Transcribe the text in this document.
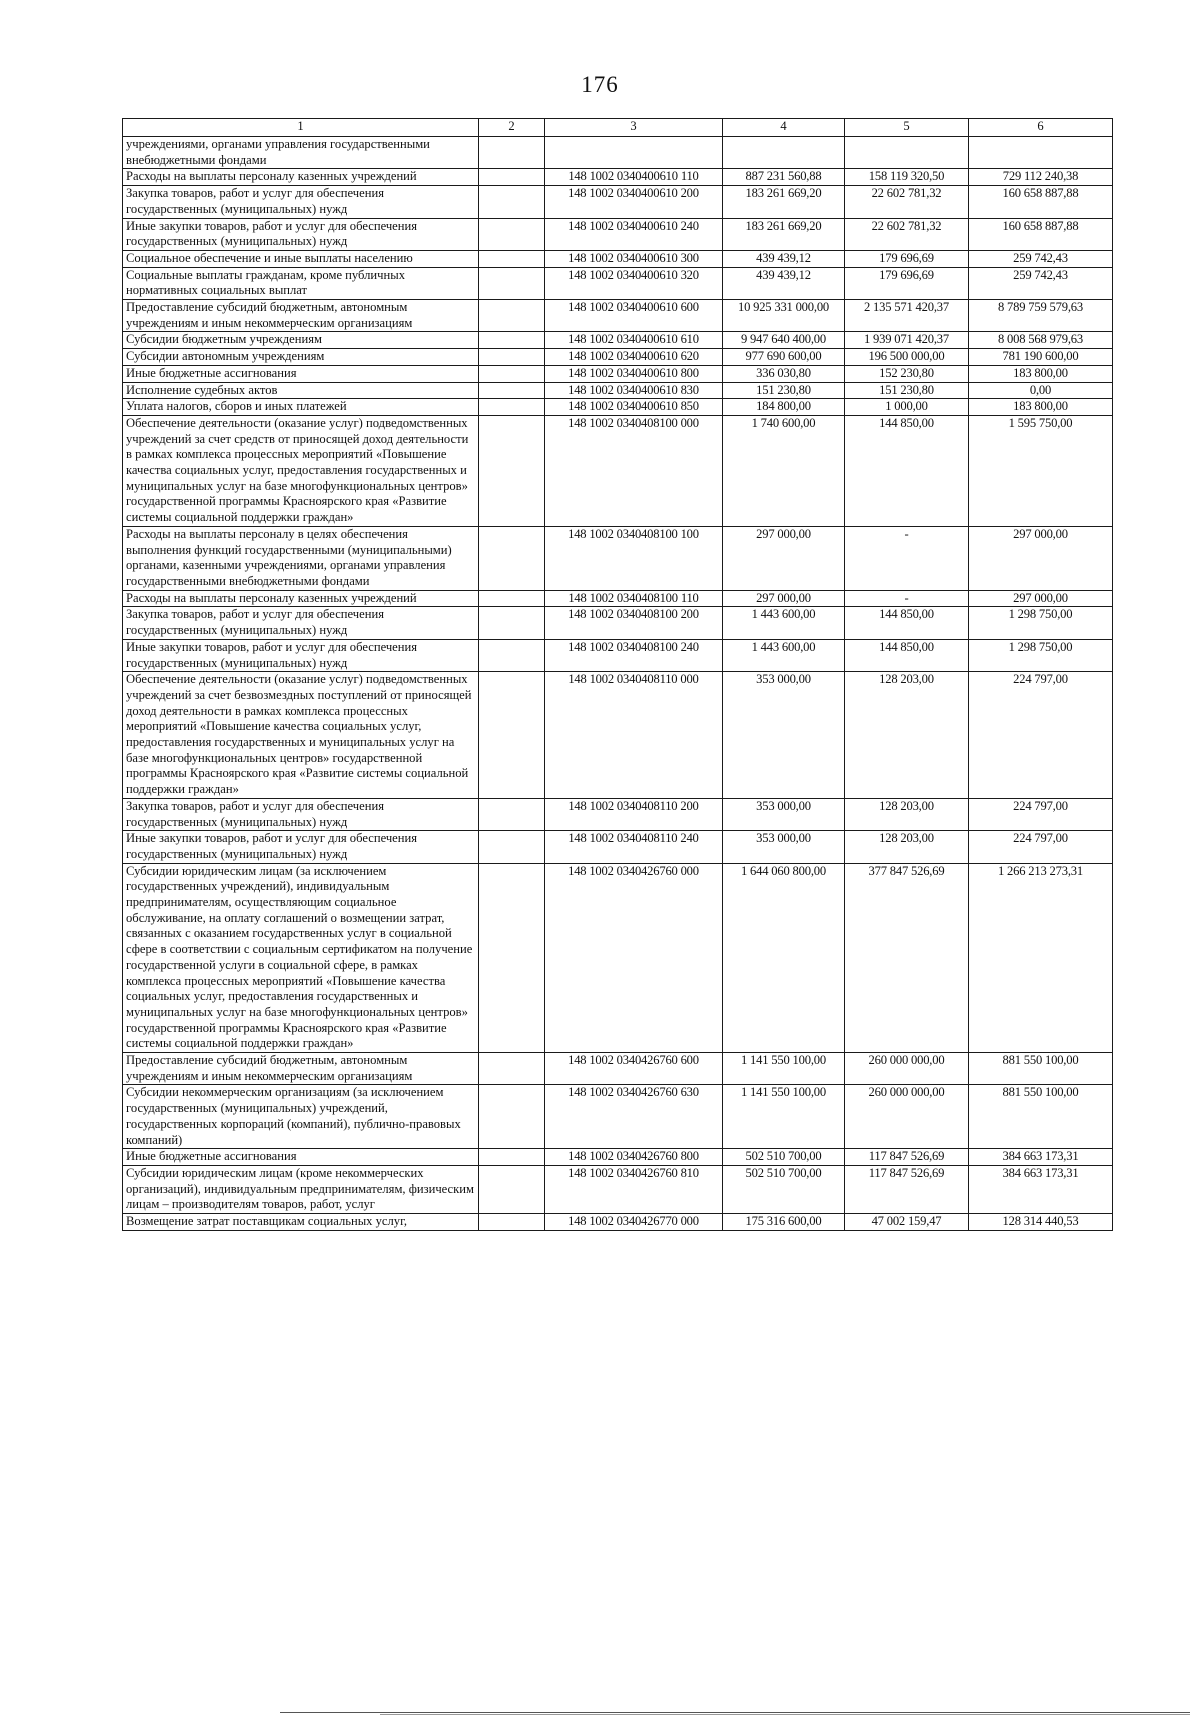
176
1	2	3	4	5	6
учреждениями, органами управления государственными внебюджетными фондами					
Расходы на выплаты персоналу казенных учреждений		148 1002 0340400610 110	887 231 560,88	158 119 320,50	729 112 240,38
Закупка товаров, работ и услуг для обеспечения государственных (муниципальных) нужд		148 1002 0340400610 200	183 261 669,20	22 602 781,32	160 658 887,88
Иные закупки товаров, работ и услуг для обеспечения государственных (муниципальных) нужд		148 1002 0340400610 240	183 261 669,20	22 602 781,32	160 658 887,88
Социальное обеспечение и иные выплаты населению		148 1002 0340400610 300	439 439,12	179 696,69	259 742,43
Социальные выплаты гражданам, кроме публичных нормативных социальных выплат		148 1002 0340400610 320	439 439,12	179 696,69	259 742,43
Предоставление субсидий бюджетным, автономным учреждениям и иным некоммерческим организациям		148 1002 0340400610 600	10 925 331 000,00	2 135 571 420,37	8 789 759 579,63
Субсидии бюджетным учреждениям		148 1002 0340400610 610	9 947 640 400,00	1 939 071 420,37	8 008 568 979,63
Субсидии автономным учреждениям		148 1002 0340400610 620	977 690 600,00	196 500 000,00	781 190 600,00
Иные бюджетные ассигнования		148 1002 0340400610 800	336 030,80	152 230,80	183 800,00
Исполнение судебных актов		148 1002 0340400610 830	151 230,80	151 230,80	0,00
Уплата налогов, сборов и иных платежей		148 1002 0340400610 850	184 800,00	1 000,00	183 800,00
Обеспечение деятельности (оказание услуг) подведомственных учреждений за счет средств от приносящей доход деятельности в рамках комплекса процессных мероприятий «Повышение качества социальных услуг, предоставления государственных и муниципальных услуг на базе многофункциональных центров» государственной программы Красноярского края «Развитие системы социальной поддержки граждан»		148 1002 0340408100 000	1 740 600,00	144 850,00	1 595 750,00
Расходы на выплаты персоналу в целях обеспечения выполнения функций государственными (муниципальными) органами, казенными учреждениями, органами управления государственными внебюджетными фондами		148 1002 0340408100 100	297 000,00	-	297 000,00
Расходы на выплаты персоналу казенных учреждений		148 1002 0340408100 110	297 000,00	-	297 000,00
Закупка товаров, работ и услуг для обеспечения государственных (муниципальных) нужд		148 1002 0340408100 200	1 443 600,00	144 850,00	1 298 750,00
Иные закупки товаров, работ и услуг для обеспечения государственных (муниципальных) нужд		148 1002 0340408100 240	1 443 600,00	144 850,00	1 298 750,00
Обеспечение деятельности (оказание услуг) подведомственных учреждений за счет безвозмездных поступлений от приносящей доход деятельности в рамках комплекса процессных мероприятий «Повышение качества социальных услуг, предоставления государственных и муниципальных услуг на базе многофункциональных центров» государственной программы Красноярского края «Развитие системы социальной поддержки граждан»		148 1002 0340408110 000	353 000,00	128 203,00	224 797,00
Закупка товаров, работ и услуг для обеспечения государственных (муниципальных) нужд		148 1002 0340408110 200	353 000,00	128 203,00	224 797,00
Иные закупки товаров, работ и услуг для обеспечения государственных (муниципальных) нужд		148 1002 0340408110 240	353 000,00	128 203,00	224 797,00
Субсидии юридическим лицам (за исключением государственных учреждений), индивидуальным предпринимателям, осуществляющим социальное обслуживание, на оплату соглашений о возмещении затрат, связанных с оказанием государственных услуг в социальной сфере в соответствии с социальным сертификатом на получение государственной услуги в социальной сфере, в рамках комплекса процессных мероприятий «Повышение качества социальных услуг, предоставления государственных и муниципальных услуг на базе многофункциональных центров» государственной программы Красноярского края «Развитие системы социальной поддержки граждан»		148 1002 0340426760 000	1 644 060 800,00	377 847 526,69	1 266 213 273,31
Предоставление субсидий бюджетным, автономным учреждениям и иным некоммерческим организациям		148 1002 0340426760 600	1 141 550 100,00	260 000 000,00	881 550 100,00
Субсидии некоммерческим организациям (за исключением государственных (муниципальных) учреждений, государственных корпораций (компаний), публично-правовых компаний)		148 1002 0340426760 630	1 141 550 100,00	260 000 000,00	881 550 100,00
Иные бюджетные ассигнования		148 1002 0340426760 800	502 510 700,00	117 847 526,69	384 663 173,31
Субсидии юридическим лицам (кроме некоммерческих организаций), индивидуальным предпринимателям, физическим лицам – производителям товаров, работ, услуг		148 1002 0340426760 810	502 510 700,00	117 847 526,69	384 663 173,31
Возмещение затрат поставщикам социальных услуг,		148 1002 0340426770 000	175 316 600,00	47 002 159,47	128 314 440,53
